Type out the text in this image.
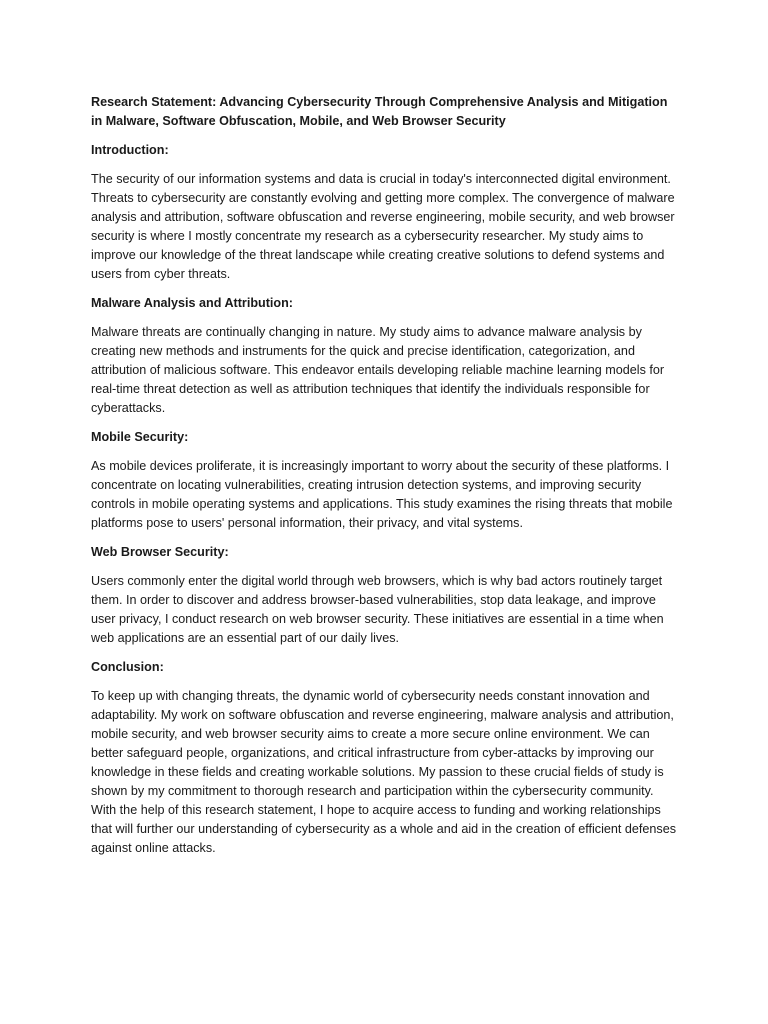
Research Statement: Advancing Cybersecurity Through Comprehensive Analysis and Mitigation in Malware, Software Obfuscation, Mobile, and Web Browser Security
Introduction:
The security of our information systems and data is crucial in today's interconnected digital environment. Threats to cybersecurity are constantly evolving and getting more complex. The convergence of malware analysis and attribution, software obfuscation and reverse engineering, mobile security, and web browser security is where I mostly concentrate my research as a cybersecurity researcher. My study aims to improve our knowledge of the threat landscape while creating creative solutions to defend systems and users from cyber threats.
Malware Analysis and Attribution:
Malware threats are continually changing in nature. My study aims to advance malware analysis by creating new methods and instruments for the quick and precise identification, categorization, and attribution of malicious software. This endeavor entails developing reliable machine learning models for real-time threat detection as well as attribution techniques that identify the individuals responsible for cyberattacks.
Mobile Security:
As mobile devices proliferate, it is increasingly important to worry about the security of these platforms. I concentrate on locating vulnerabilities, creating intrusion detection systems, and improving security controls in mobile operating systems and applications. This study examines the rising threats that mobile platforms pose to users' personal information, their privacy, and vital systems.
Web Browser Security:
Users commonly enter the digital world through web browsers, which is why bad actors routinely target them. In order to discover and address browser-based vulnerabilities, stop data leakage, and improve user privacy, I conduct research on web browser security. These initiatives are essential in a time when web applications are an essential part of our daily lives.
Conclusion:
To keep up with changing threats, the dynamic world of cybersecurity needs constant innovation and adaptability. My work on software obfuscation and reverse engineering, malware analysis and attribution, mobile security, and web browser security aims to create a more secure online environment. We can better safeguard people, organizations, and critical infrastructure from cyber-attacks by improving our knowledge in these fields and creating workable solutions. My passion to these crucial fields of study is shown by my commitment to thorough research and participation within the cybersecurity community. With the help of this research statement, I hope to acquire access to funding and working relationships that will further our understanding of cybersecurity as a whole and aid in the creation of efficient defenses against online attacks.
